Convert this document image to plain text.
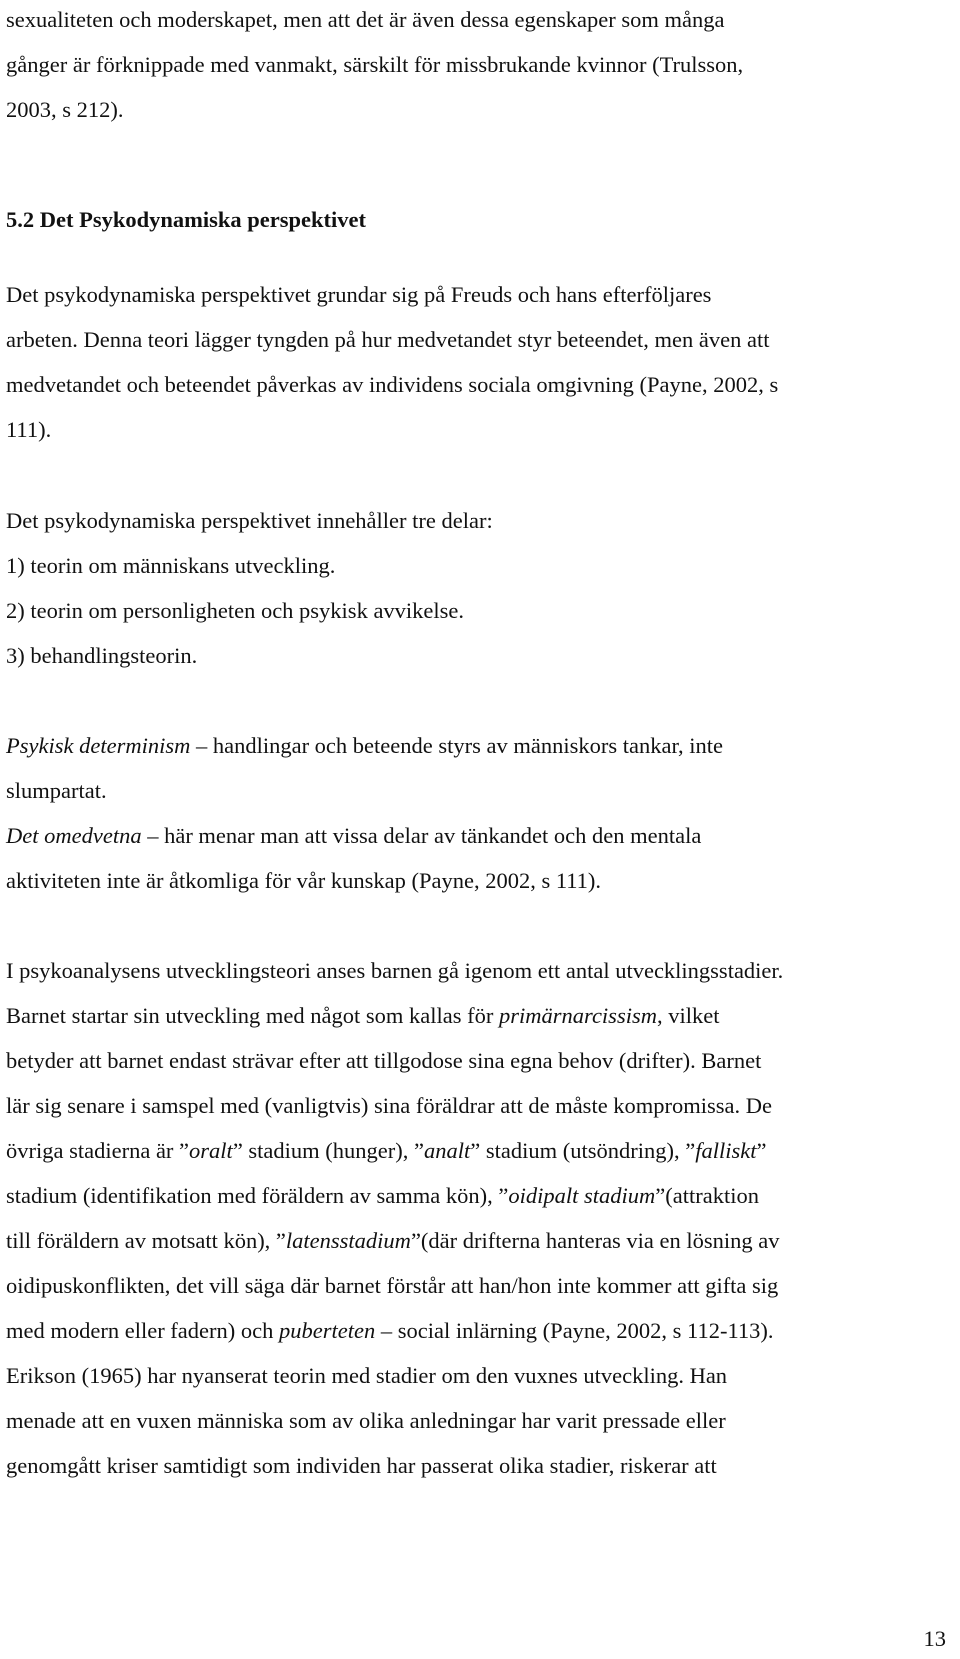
sexualiteten och moderskapet, men att det är även dessa egenskaper som många
gånger är förknippade med vanmakt, särskilt för missbrukande kvinnor (Trulsson,
2003, s 212).
5.2 Det Psykodynamiska perspektivet
Det psykodynamiska perspektivet grundar sig på Freuds och hans efterföljares
arbeten. Denna teori lägger tyngden på hur medvetandet styr beteendet, men även att
medvetandet och beteendet påverkas av individens sociala omgivning (Payne, 2002, s
111).
Det psykodynamiska perspektivet innehåller tre delar:
1) teorin om människans utveckling.
2) teorin om personligheten och psykisk avvikelse.
3) behandlingsteorin.
Psykisk determinism – handlingar och beteende styrs av människors tankar, inte
slumpartat.
Det omedvetna – här menar man att vissa delar av tänkandet och den mentala
aktiviteten inte är åtkomliga för vår kunskap (Payne, 2002, s 111).
I psykoanalysens utvecklingsteori anses barnen gå igenom ett antal utvecklingsstadier.
Barnet startar sin utveckling med något som kallas för primärnarcissism, vilket
betyder att barnet endast strävar efter att tillgodose sina egna behov (drifter). Barnet
lär sig senare i samspel med (vanligtvis) sina föräldrar att de måste kompromissa. De
övriga stadierna är ”oralt” stadium (hunger), ”analt” stadium (utsöndring), ”falliskt”
stadium (identifikation med föräldern av samma kön), ”oidipalt stadium”(attraktion
till föräldern av motsatt kön), ”latensstadium”(där drifterna hanteras via en lösning av
oidipuskonflikten, det vill säga där barnet förstår att han/hon inte kommer att gifta sig
med modern eller fadern) och puberteten – social inlärning (Payne, 2002, s 112-113).
Erikson (1965) har nyanserat teorin med stadier om den vuxnes utveckling. Han
menade att en vuxen människa som av olika anledningar har varit pressade eller
genomgått kriser samtidigt som individen har passerat olika stadier, riskerar att
13
